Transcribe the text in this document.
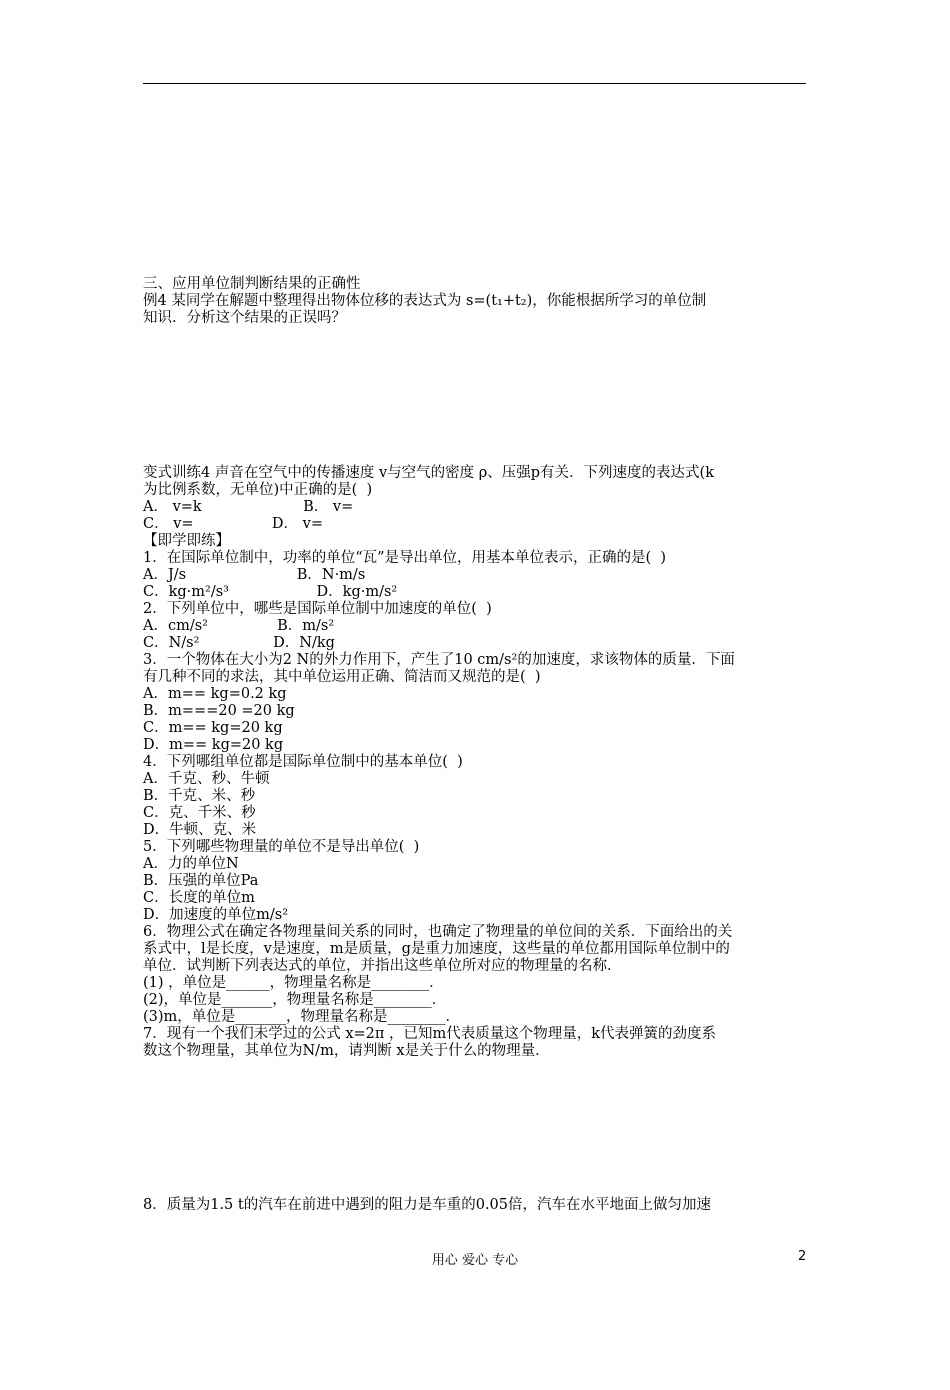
三、应用单位制判断结果的正确性
例4 某同学在解题中整理得出物体位移的表达式为 s=(t₁+t₂)，你能根据所学习的单位制
知识．分析这个结果的正误吗？
变式训练4 声音在空气中的传播速度 v与空气的密度 ρ、压强p有关．下列速度的表达式(k
为比例系数，无单位)中正确的是(  )
A． v=k                      B． v=
C． v=                 D． v=
【即学即练】
1．在国际单位制中，功率的单位“瓦”是导出单位，用基本单位表示，正确的是(  )
A．J/s                        B．N·m/s
C．kg·m²/s³                   D．kg·m/s²
2．下列单位中，哪些是国际单位制中加速度的单位(  )
A．cm/s²               B．m/s²
C．N/s²                D．N/kg
3．一个物体在大小为2 N的外力作用下，产生了10 cm/s²的加速度，求该物体的质量．下面
有几种不同的求法，其中单位运用正确、简洁而又规范的是(  )
A．m== kg=0.2 kg
B．m===20 =20 kg
C．m== kg=20 kg
D．m== kg=20 kg
4．下列哪组单位都是国际单位制中的基本单位(  )
A．千克、秒、牛顿
B．千克、米、秒
C．克、千米、秒
D．牛顿、克、米
5．下列哪些物理量的单位不是导出单位(  )
A．力的单位N
B．压强的单位Pa
C．长度的单位m
D．加速度的单位m/s²
6．物理公式在确定各物理量间关系的同时，也确定了物理量的单位间的关系．下面给出的关
系式中，l是长度，v是速度，m是质量，g是重力加速度，这些量的单位都用国际单位制中的
单位．试判断下列表达式的单位，并指出这些单位所对应的物理量的名称．
(1) ，单位是______，物理量名称是________．
(2)，单位是_______，物理量名称是________．
(3)m，单位是_______，物理量名称是________．
7．现有一个我们未学过的公式 x=2π ，已知m代表质量这个物理量，k代表弹簧的劲度系
数这个物理量，其单位为N/m，请判断 x是关于什么的物理量．
8．质量为1.5 t的汽车在前进中遇到的阻力是车重的0.05倍，汽车在水平地面上做匀加速
用心 爱心 专心	2
